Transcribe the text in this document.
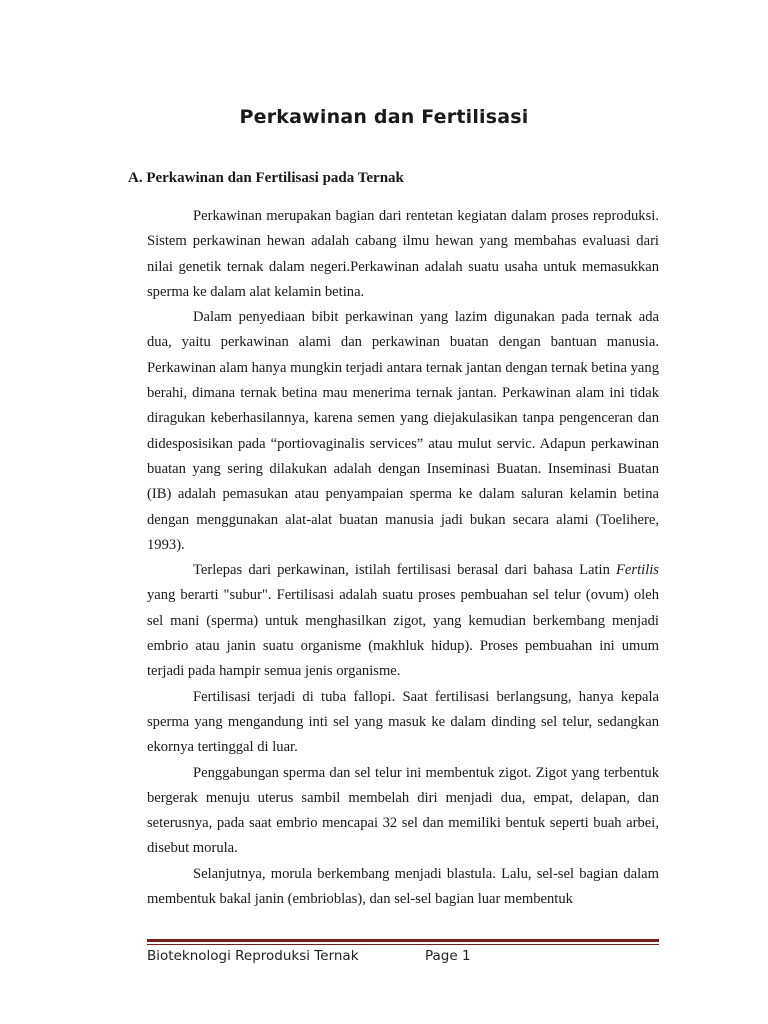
Perkawinan dan Fertilisasi
A. Perkawinan dan Fertilisasi pada Ternak

Perkawinan merupakan bagian dari rentetan kegiatan dalam proses reproduksi. Sistem perkawinan hewan adalah cabang ilmu hewan yang membahas evaluasi dari nilai genetik ternak dalam negeri.Perkawinan adalah suatu usaha untuk memasukkan sperma ke dalam alat kelamin betina.

Dalam penyediaan bibit perkawinan yang lazim digunakan pada ternak ada dua, yaitu perkawinan alami dan perkawinan buatan dengan bantuan manusia. Perkawinan alam hanya mungkin terjadi antara ternak jantan dengan ternak betina yang berahi, dimana ternak betina mau menerima ternak jantan. Perkawinan alam ini tidak diragukan keberhasilannya, karena semen yang diejakulasikan tanpa pengenceran dan didesposisikan pada “portiovaginalis services” atau mulut servic. Adapun perkawinan buatan yang sering dilakukan adalah dengan Inseminasi Buatan. Inseminasi Buatan (IB) adalah pemasukan atau penyampaian sperma ke dalam saluran kelamin betina dengan menggunakan alat-alat buatan manusia jadi bukan secara alami (Toelihere, 1993).

Terlepas dari perkawinan, istilah fertilisasi berasal dari bahasa Latin Fertilis yang berarti "subur". Fertilisasi adalah suatu proses pembuahan sel telur (ovum) oleh sel mani (sperma) untuk menghasilkan zigot, yang kemudian berkembang menjadi embrio atau janin suatu organisme (makhluk hidup). Proses pembuahan ini umum terjadi pada hampir semua jenis organisme.

Fertilisasi terjadi di tuba fallopi. Saat fertilisasi berlangsung, hanya kepala sperma yang mengandung inti sel yang masuk ke dalam dinding sel telur, sedangkan ekornya tertinggal di luar.

Penggabungan sperma dan sel telur ini membentuk zigot. Zigot yang terbentuk bergerak menuju uterus sambil membelah diri menjadi dua, empat, delapan, dan seterusnya, pada saat embrio mencapai 32 sel dan memiliki bentuk seperti buah arbei, disebut morula.

Selanjutnya, morula berkembang menjadi blastula. Lalu, sel-sel bagian dalam membentuk bakal janin (embrioblas), dan sel-sel bagian luar membentuk

Bioteknologi Reproduksi Ternak	Page 1
